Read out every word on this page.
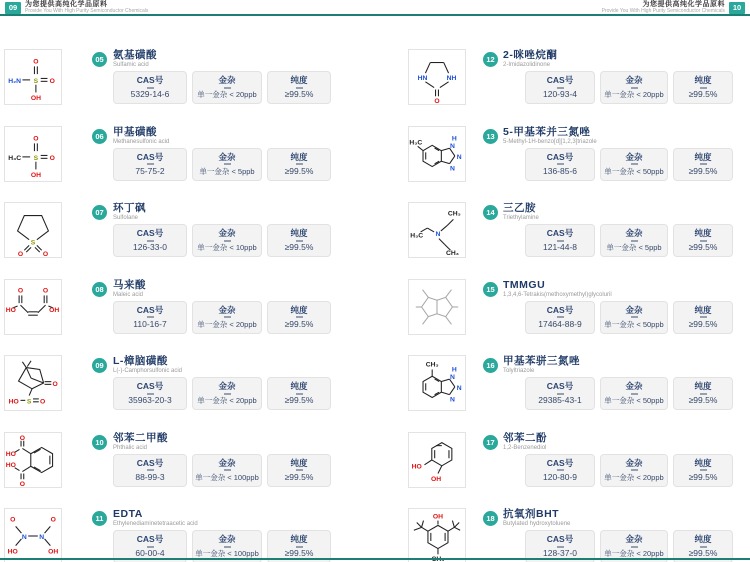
09	为您提供高纯化学品原料
Provide You With High Purity Semiconductor Chemicals	10
为您提供高纯化学品原料
Provide You With High Purity Semiconductor Chemicals
H₂N S
O
O
OH
05 氨基磺酸
Sulfamic acid
CAS号
5329-14-6
金杂
单一金杂 < 20ppb
纯度
≥99.5%
H₃C S
O
O
OH
06 甲基磺酸
Methanesulfonic acid
CAS号
75-75-2
金杂
单一金杂 < 5ppb
纯度
≥99.5%
S
O	O
07 环丁砜
Sulfolane
CAS号
126-33-0
金杂
单一金杂 < 10ppb
纯度
≥99.5%
O
HO
O
OH
08 马来酸
Maleic acid
CAS号
110-16-7
金杂
单一金杂 < 20ppb
纯度
≥99.5%
O
S O
HO
09 L-樟脑磺酸
L(-)-Camphorsulfonic acid
CAS号
35963-20-3
金杂
单一金杂 < 20ppb
纯度
≥99.5%
O
HO
O
HO
10 邻苯二甲酸
Phthalic acid
CAS号
88-99-3
金杂
单一金杂 < 100ppb
纯度
≥99.5%
N N
O
HO
O
OH
11 EDTA
Ethylenediaminetetraacetic acid
CAS号
60-00-4
金杂
单一金杂 < 100ppb
纯度
≥99.5%
HN	NH
O
12 2-咪唑烷酮
2-Imidazolidinone
CAS号
120-93-4
金杂
单一金杂 < 20ppb
纯度
≥99.5%
H₃C
H
N
N
N
13 5-甲基苯并三氮唑
5-Methyl-1H-benzo[d][1,2,3]triazole
CAS号
136-85-6
金杂
单一金杂 < 50ppb
纯度
≥99.5%
N
CH₃
H₃C
CH₃
14 三乙胺
Triethylamine
CAS号
121-44-8
金杂
单一金杂 < 5ppb
纯度
≥99.5%
15 TMMGU
1,3,4,6-Tetrakis(methoxymethyl)glycoluril
CAS号
17464-88-9
金杂
单一金杂 < 50ppb
纯度
≥99.5%
CH₃
H
N
N
N
16 甲基苯骈三氮唑
Tolyltriazole
CAS号
29385-43-1
金杂
单一金杂 < 50ppb
纯度
≥99.5%
HO
OH
17 邻苯二酚
1,2-Benzenediol
CAS号
120-80-9
金杂
单一金杂 < 20ppb
纯度
≥99.5%
OH	18 抗氧剂BHT
Butylated hydroxytoluene
CAS号
128-37-0
金杂
单一金杂 < 20ppb
纯度
≥99.5%
